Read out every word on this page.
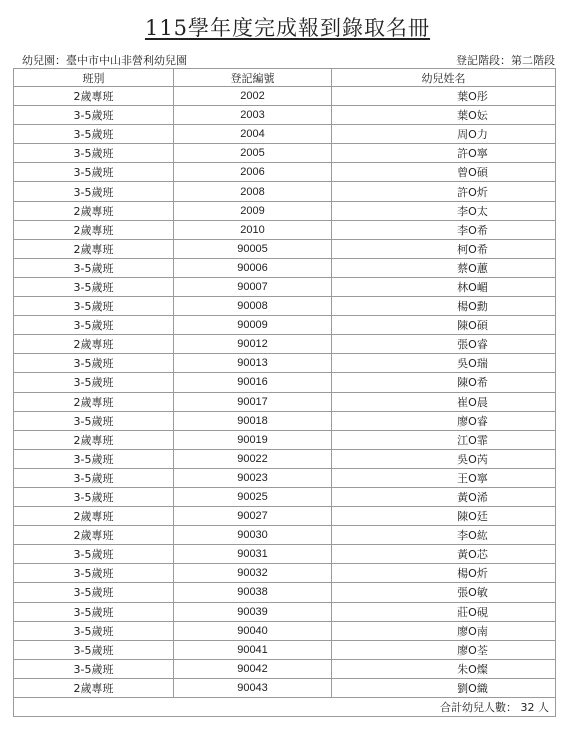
115學年度完成報到錄取名冊
幼兒園：臺中市中山非營利幼兒園	登記階段：第二階段
班別	登記編號	幼兒姓名
2歲專班	2002	葉O彤
3-5歲班	2003	葉O妘
3-5歲班	2004	周O力
3-5歲班	2005	許O寧
3-5歲班	2006	曾O碩
3-5歲班	2008	許O炘
2歲專班	2009	李O太
2歲專班	2010	李O希
2歲專班	90005	柯O希
3-5歲班	90006	蔡O蕙
3-5歲班	90007	林O嵋
3-5歲班	90008	楊O勳
3-5歲班	90009	陳O碩
2歲專班	90012	張O睿
3-5歲班	90013	吳O瑞
3-5歲班	90016	陳O希
2歲專班	90017	崔O晨
3-5歲班	90018	廖O睿
2歲專班	90019	江O霏
3-5歲班	90022	吳O芮
3-5歲班	90023	王O寧
3-5歲班	90025	黃O浠
2歲專班	90027	陳O廷
2歲專班	90030	李O紘
3-5歲班	90031	黃O芯
3-5歲班	90032	楊O炘
3-5歲班	90038	張O敏
3-5歲班	90039	莊O硯
3-5歲班	90040	廖O南
3-5歲班	90041	廖O荃
3-5歲班	90042	朱O燦
2歲專班	90043	劉O織
合計幼兒人數： 32 人		
